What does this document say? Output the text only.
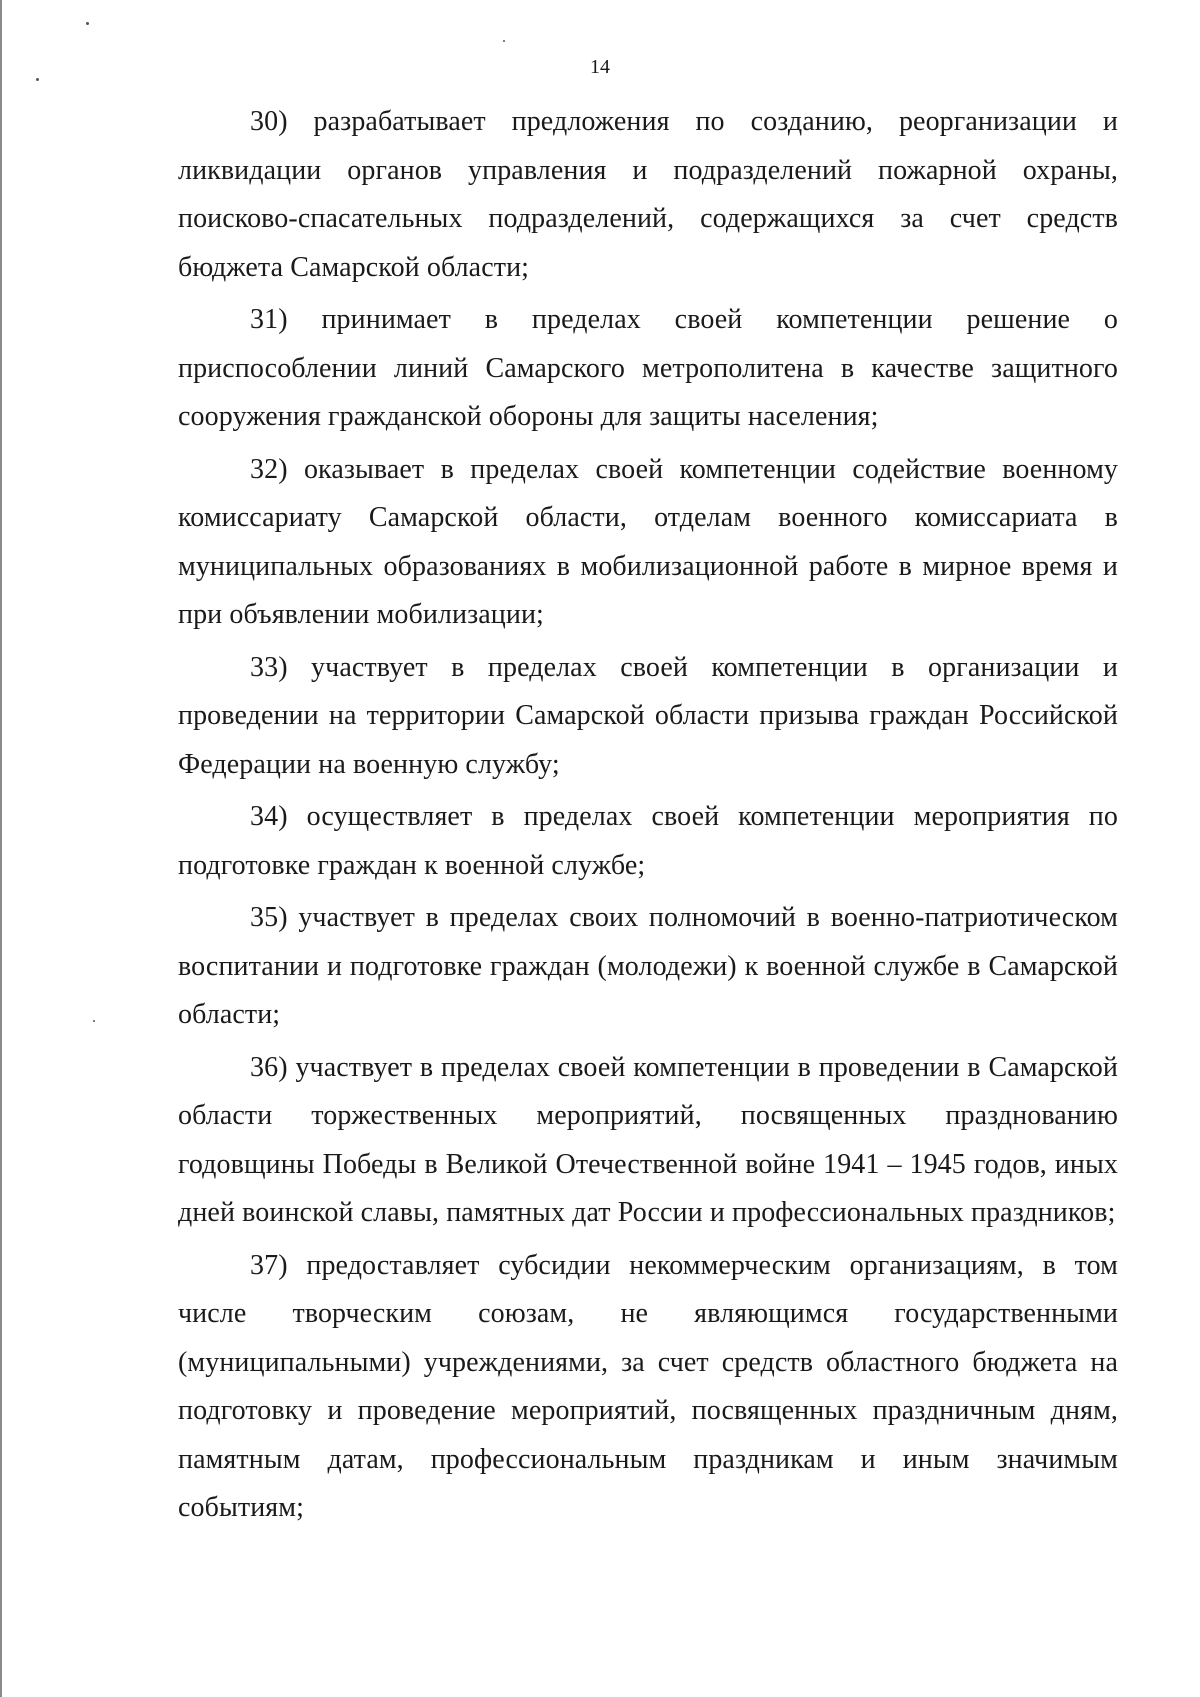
14

30) разрабатывает предложения по созданию, реорганизации и ликвидации органов управления и подразделений пожарной охраны, поисково-спасательных подразделений, содержащихся за счет средств бюджета Самарской области;

31) принимает в пределах своей компетенции решение о приспособлении линий Самарского метрополитена в качестве защитного сооружения гражданской обороны для защиты населения;

32) оказывает в пределах своей компетенции содействие военному комиссариату Самарской области, отделам военного комиссариата в муниципальных образованиях в мобилизационной работе в мирное время и при объявлении мобилизации;

33) участвует в пределах своей компетенции в организации и проведении на территории Самарской области призыва граждан Российской Федерации на военную службу;

34) осуществляет в пределах своей компетенции мероприятия по подготовке граждан к военной службе;

35) участвует в пределах своих полномочий в военно-патриотическом воспитании и подготовке граждан (молодежи) к военной службе в Самарской области;

36) участвует в пределах своей компетенции в проведении в Самарской области торжественных мероприятий, посвященных празднованию годовщины Победы в Великой Отечественной войне 1941 – 1945 годов, иных дней воинской славы, памятных дат России и профессиональных праздников;

37) предоставляет субсидии некоммерческим организациям, в том числе творческим союзам, не являющимся государственными (муниципальными) учреждениями, за счет средств областного бюджета на подготовку и проведение мероприятий, посвященных праздничным дням, памятным датам, профессиональным праздникам и иным значимым событиям;
